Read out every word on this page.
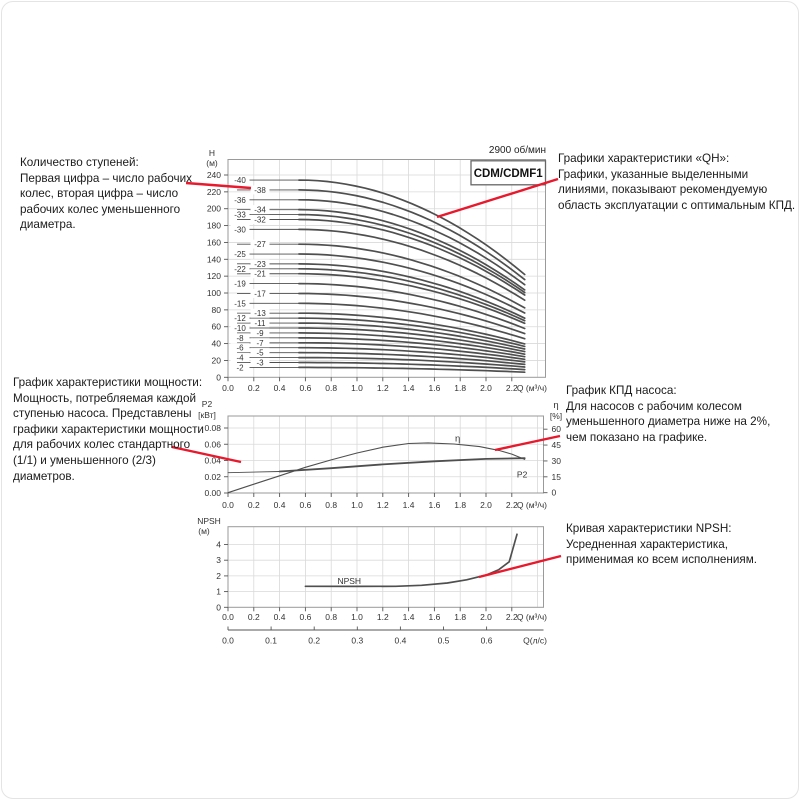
0.0 0.2 0.4 0.6 0.8 1.0 1.2 1.4 1.6 1.8 2.0 2.2
0
20
40
60
80
100
120
140
160
180
200
220
240
H
(м)
Q (м³/ч)
2900 об/мин
CDM/CDMF1
-40
-38
-36
-34
-33
-32
-30
-27
-25
-23
-22
-21
-19
-17
-15
-13
-12
-11
-10
-9
-8
-7
-6
-5
-4
-3
-2
0.0 0.2 0.4 0.6 0.8 1.0 1.2 1.4 1.6 1.8 2.0 2.2
0.00
0.02
0.04
0.06
0.08
0
15
30
45
60
P2
[кВт]
η
[%]
Q (м³/ч)
η
P2
0.0 0.2 0.4 0.6 0.8 1.0 1.2 1.4 1.6 1.8 2.0 2.2
0
1
2
3
4
NPSH
(м)
Q (м³/ч)
NPSH
0.0	0.1	0.2	0.3	0.4	0.5	0.6	Q(л/с)
Количество ступеней:
Первая цифра – число рабочих колес, вторая цифра – число рабочих колес уменьшенного диаметра.
Графики характеристики «QH»:
Графики, указанные выделенными линиями, показывают рекомендуемую область эксплуатации с оптимальным КПД.
График характеристики мощности:
Мощность, потребляемая каждой ступенью насоса. Представлены графики характеристики мощности для рабочих колес стандартного (1/1) и уменьшенного (2/3) диаметров.
График КПД насоса:
Для насосов с рабочим колесом уменьшенного диаметра ниже на 2%, чем показано на графике.
Кривая характеристики NPSH:
Усредненная характеристика, применимая ко всем исполнениям.
